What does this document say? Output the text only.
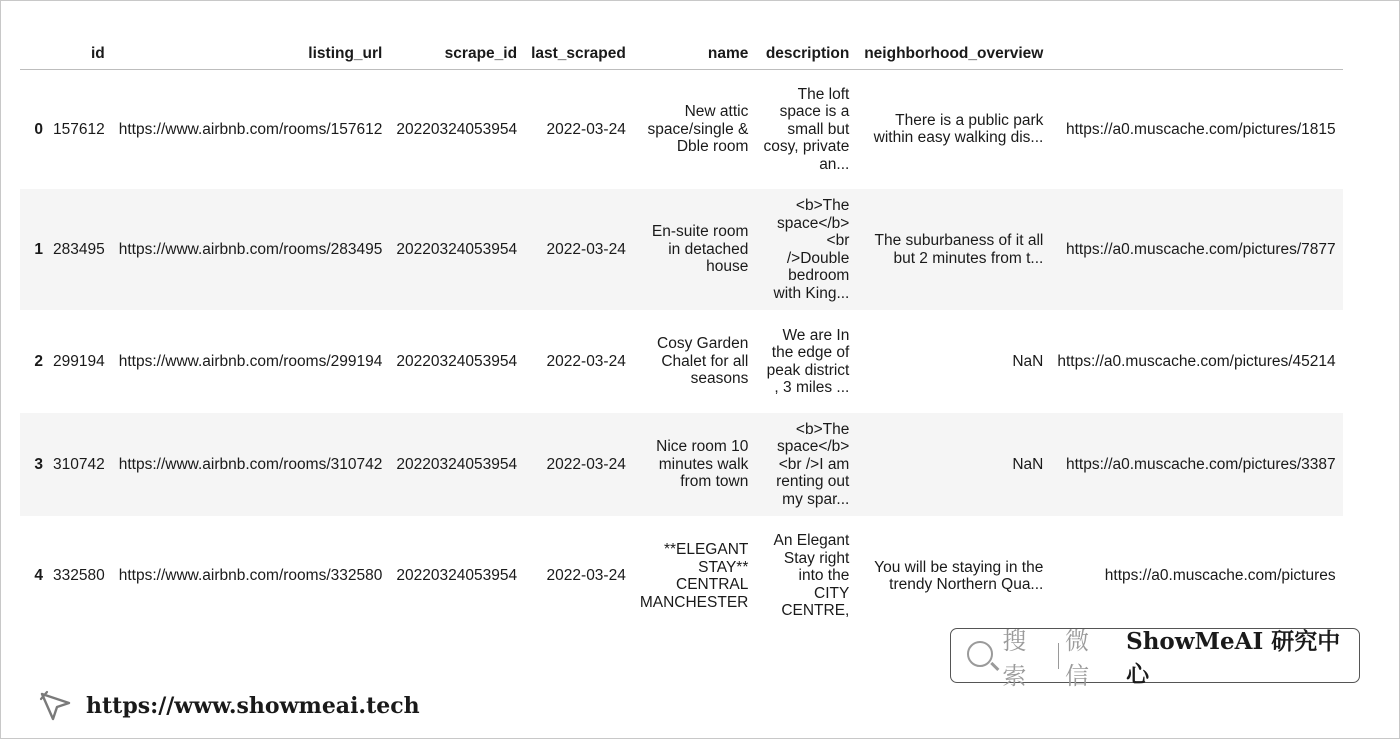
	id	listing_url	scrape_id	last_scraped	name	description	neighborhood_overview	
0	157612	https://www.airbnb.com/rooms/157612	20220324053954	2022-03-24	New attic space/single & Dble room	The loft space is a small but cosy, private an...	There is a public park within easy walking dis...	https://a0.muscache.com/pictures/1815
1	283495	https://www.airbnb.com/rooms/283495	20220324053954	2022-03-24	En-suite room in detached house	<b>The space</b> <br />Double bedroom with King...	The suburbaness of it all but 2 minutes from t...	https://a0.muscache.com/pictures/7877
2	299194	https://www.airbnb.com/rooms/299194	20220324053954	2022-03-24	Cosy Garden Chalet for all seasons	We are In the edge of peak district , 3 miles ...	NaN	https://a0.muscache.com/pictures/45214
3	310742	https://www.airbnb.com/rooms/310742	20220324053954	2022-03-24	Nice room 10 minutes walk from town	<b>The space</b> <br />I am renting out my spar...	NaN	https://a0.muscache.com/pictures/3387
4	332580	https://www.airbnb.com/rooms/332580	20220324053954	2022-03-24	**ELEGANT STAY** CENTRAL MANCHESTER	An Elegant Stay right into the CITY CENTRE,	You will be staying in the trendy Northern Qua...	https://a0.muscache.com/pictures
搜索
微信
ShowMeAI 研究中心
https://www.showmeai.tech
